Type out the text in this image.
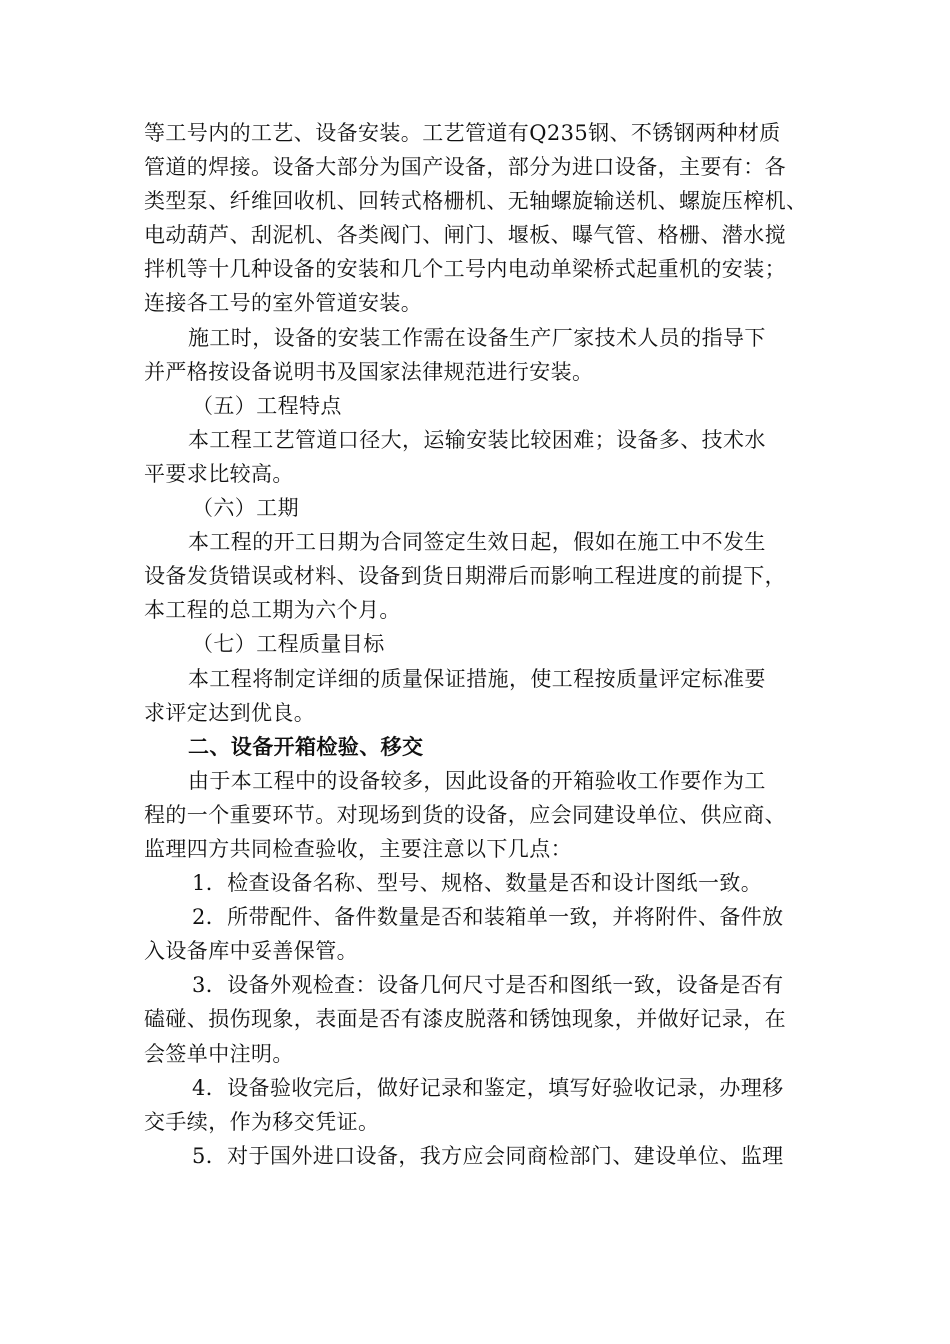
等工号内的工艺、设备安装。工艺管道有Q235钢、不锈钢两种材质
管道的焊接。设备大部分为国产设备，部分为进口设备，主要有：各
类型泵、纤维回收机、回转式格栅机、无轴螺旋输送机、螺旋压榨机、
电动葫芦、刮泥机、各类阀门、闸门、堰板、曝气管、格栅、潜水搅
拌机等十几种设备的安装和几个工号内电动单梁桥式起重机的安装；
连接各工号的室外管道安装。
施工时，设备的安装工作需在设备生产厂家技术人员的指导下
并严格按设备说明书及国家法律规范进行安装。
（五）工程特点
本工程工艺管道口径大，运输安装比较困难；设备多、技术水
平要求比较高。
（六）工期
本工程的开工日期为合同签定生效日起，假如在施工中不发生
设备发货错误或材料、设备到货日期滞后而影响工程进度的前提下，
本工程的总工期为六个月。
（七）工程质量目标
本工程将制定详细的质量保证措施，使工程按质量评定标准要
求评定达到优良。
二、设备开箱检验、移交
由于本工程中的设备较多，因此设备的开箱验收工作要作为工
程的一个重要环节。对现场到货的设备，应会同建设单位、供应商、
监理四方共同检查验收，主要注意以下几点：
1．检查设备名称、型号、规格、数量是否和设计图纸一致。
2．所带配件、备件数量是否和装箱单一致，并将附件、备件放
入设备库中妥善保管。
3．设备外观检查：设备几何尺寸是否和图纸一致，设备是否有
磕碰、损伤现象，表面是否有漆皮脱落和锈蚀现象，并做好记录，在
会签单中注明。
4．设备验收完后，做好记录和鉴定，填写好验收记录，办理移
交手续，作为移交凭证。
5．对于国外进口设备，我方应会同商检部门、建设单位、监理
